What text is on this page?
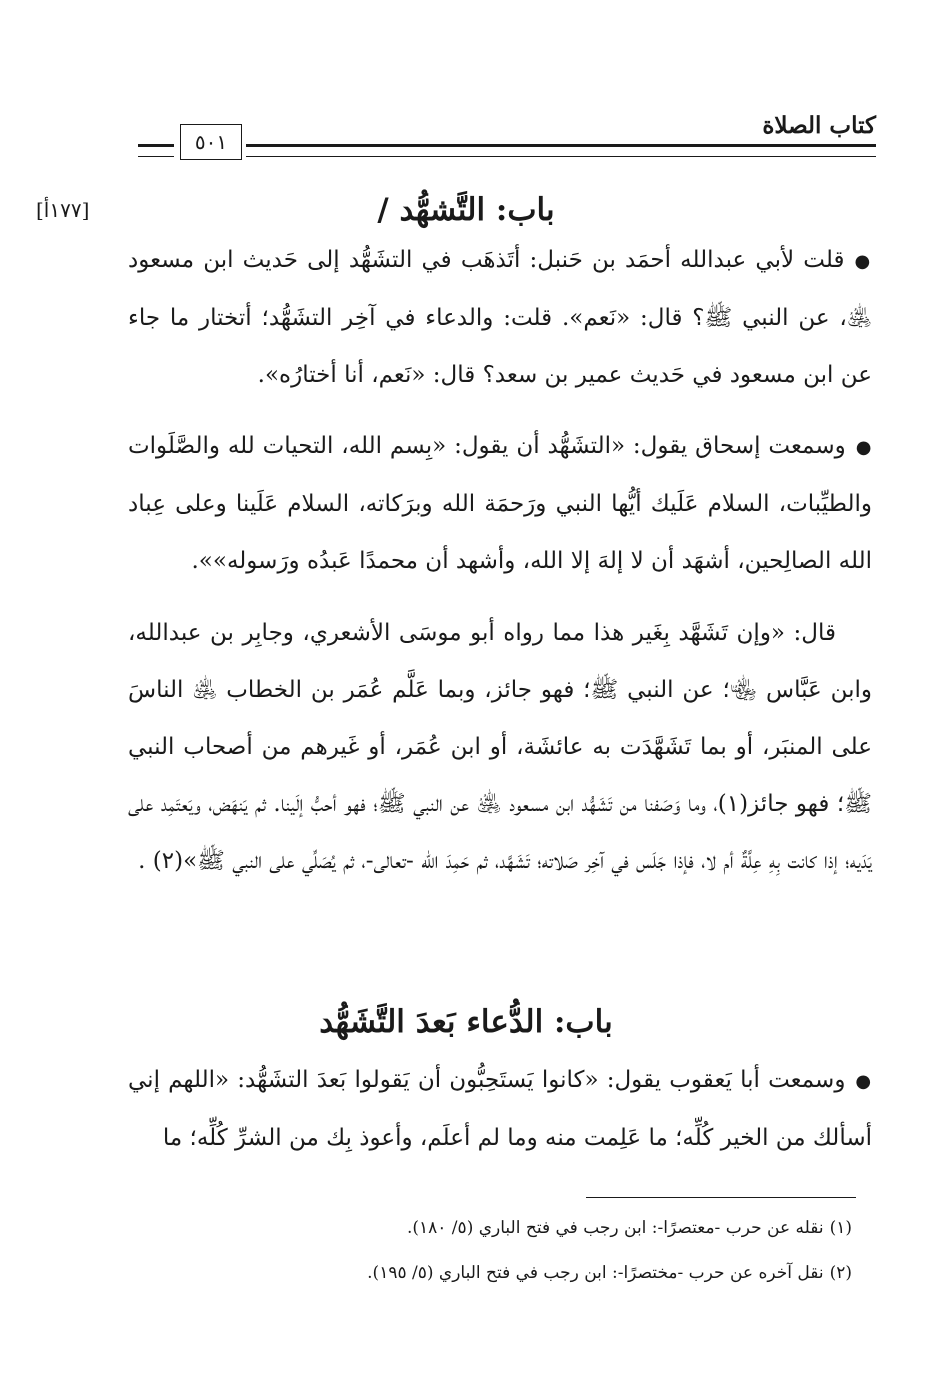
كتاب الصلاة
٥٠١
[١٧٧أ]	باب: التَّشهُّد /
●قلت لأبي عبدالله أحمَد بن حَنبل: أتَذهَب في التشَهُّد إلى حَديث ابن مسعود ﵁، عن النبي ﷺ؟ قال: «نَعم». قلت: والدعاء في آخِر التشَهُّد؛ أتختار ما جاء عن ابن مسعود في حَديث عمير بن سعد؟ قال: «نَعم، أنا أختارُه».
●وسمعت إسحاق يقول: «التشَهُّد أن يقول: «بِسم الله، التحيات لله والصَّلَوات والطيِّبات، السلام عَلَيك أيُّها النبي ورَحمَة الله وبرَكاته، السلام عَلَينا وعلى عِباد الله الصالِحين، أشهَد أن لا إلهَ إلا الله، وأشهد أن محمدًا عَبدُه ورَسوله»».
قال: «وإن تَشَهَّد بِغَير هذا مما رواه أبو موسَى الأشعري، وجابِر بن عبدالله، وابن عَبَّاس ﵄؛ عن النبي ﷺ؛ فهو جائز، وبما عَلَّم عُمَر بن الخطاب ﵁ الناسَ على المنبَر، أو بما تَشَهَّدَت به عائشَة، أو ابن عُمَر، أو غَيرهم من أصحاب النبي ﷺ؛ فهو جائز(١)، وما وَصَفنا من تَشَهُّد ابن مسعود ﵁ عن النبي ﷺ؛ فهو أحبُّ إلَينا. ثم يَنهَض، ويَعتَمِد على يَدَيه؛ إذا كانت بِهِ عِلَّةٌ أم لا، فإذا جَلَس في آخِر صَلاته؛ تَشَهَّد، ثم حَمِدَ الله -تعالى-، ثم يُصَلِّي على النبي ﷺ»(٢) .
باب: الدُّعاء بَعدَ التَّشَهُّد
●وسمعت أبا يَعقوب يقول: «كانوا يَستَحِبُّون أن يَقولوا بَعدَ التشَهُّد: «اللهم إني أسألك من الخير كُلِّه؛ ما عَلِمت منه وما لم أعلَم، وأعوذ بِك من الشرِّ كُلِّه؛ ما
(١)نقله عن حرب -معتصرًا-: ابن رجب في فتح الباري (٥/ ١٨٠).
(٢)نقل آخره عن حرب -مختصرًا-: ابن رجب في فتح الباري (٥/ ١٩٥).
